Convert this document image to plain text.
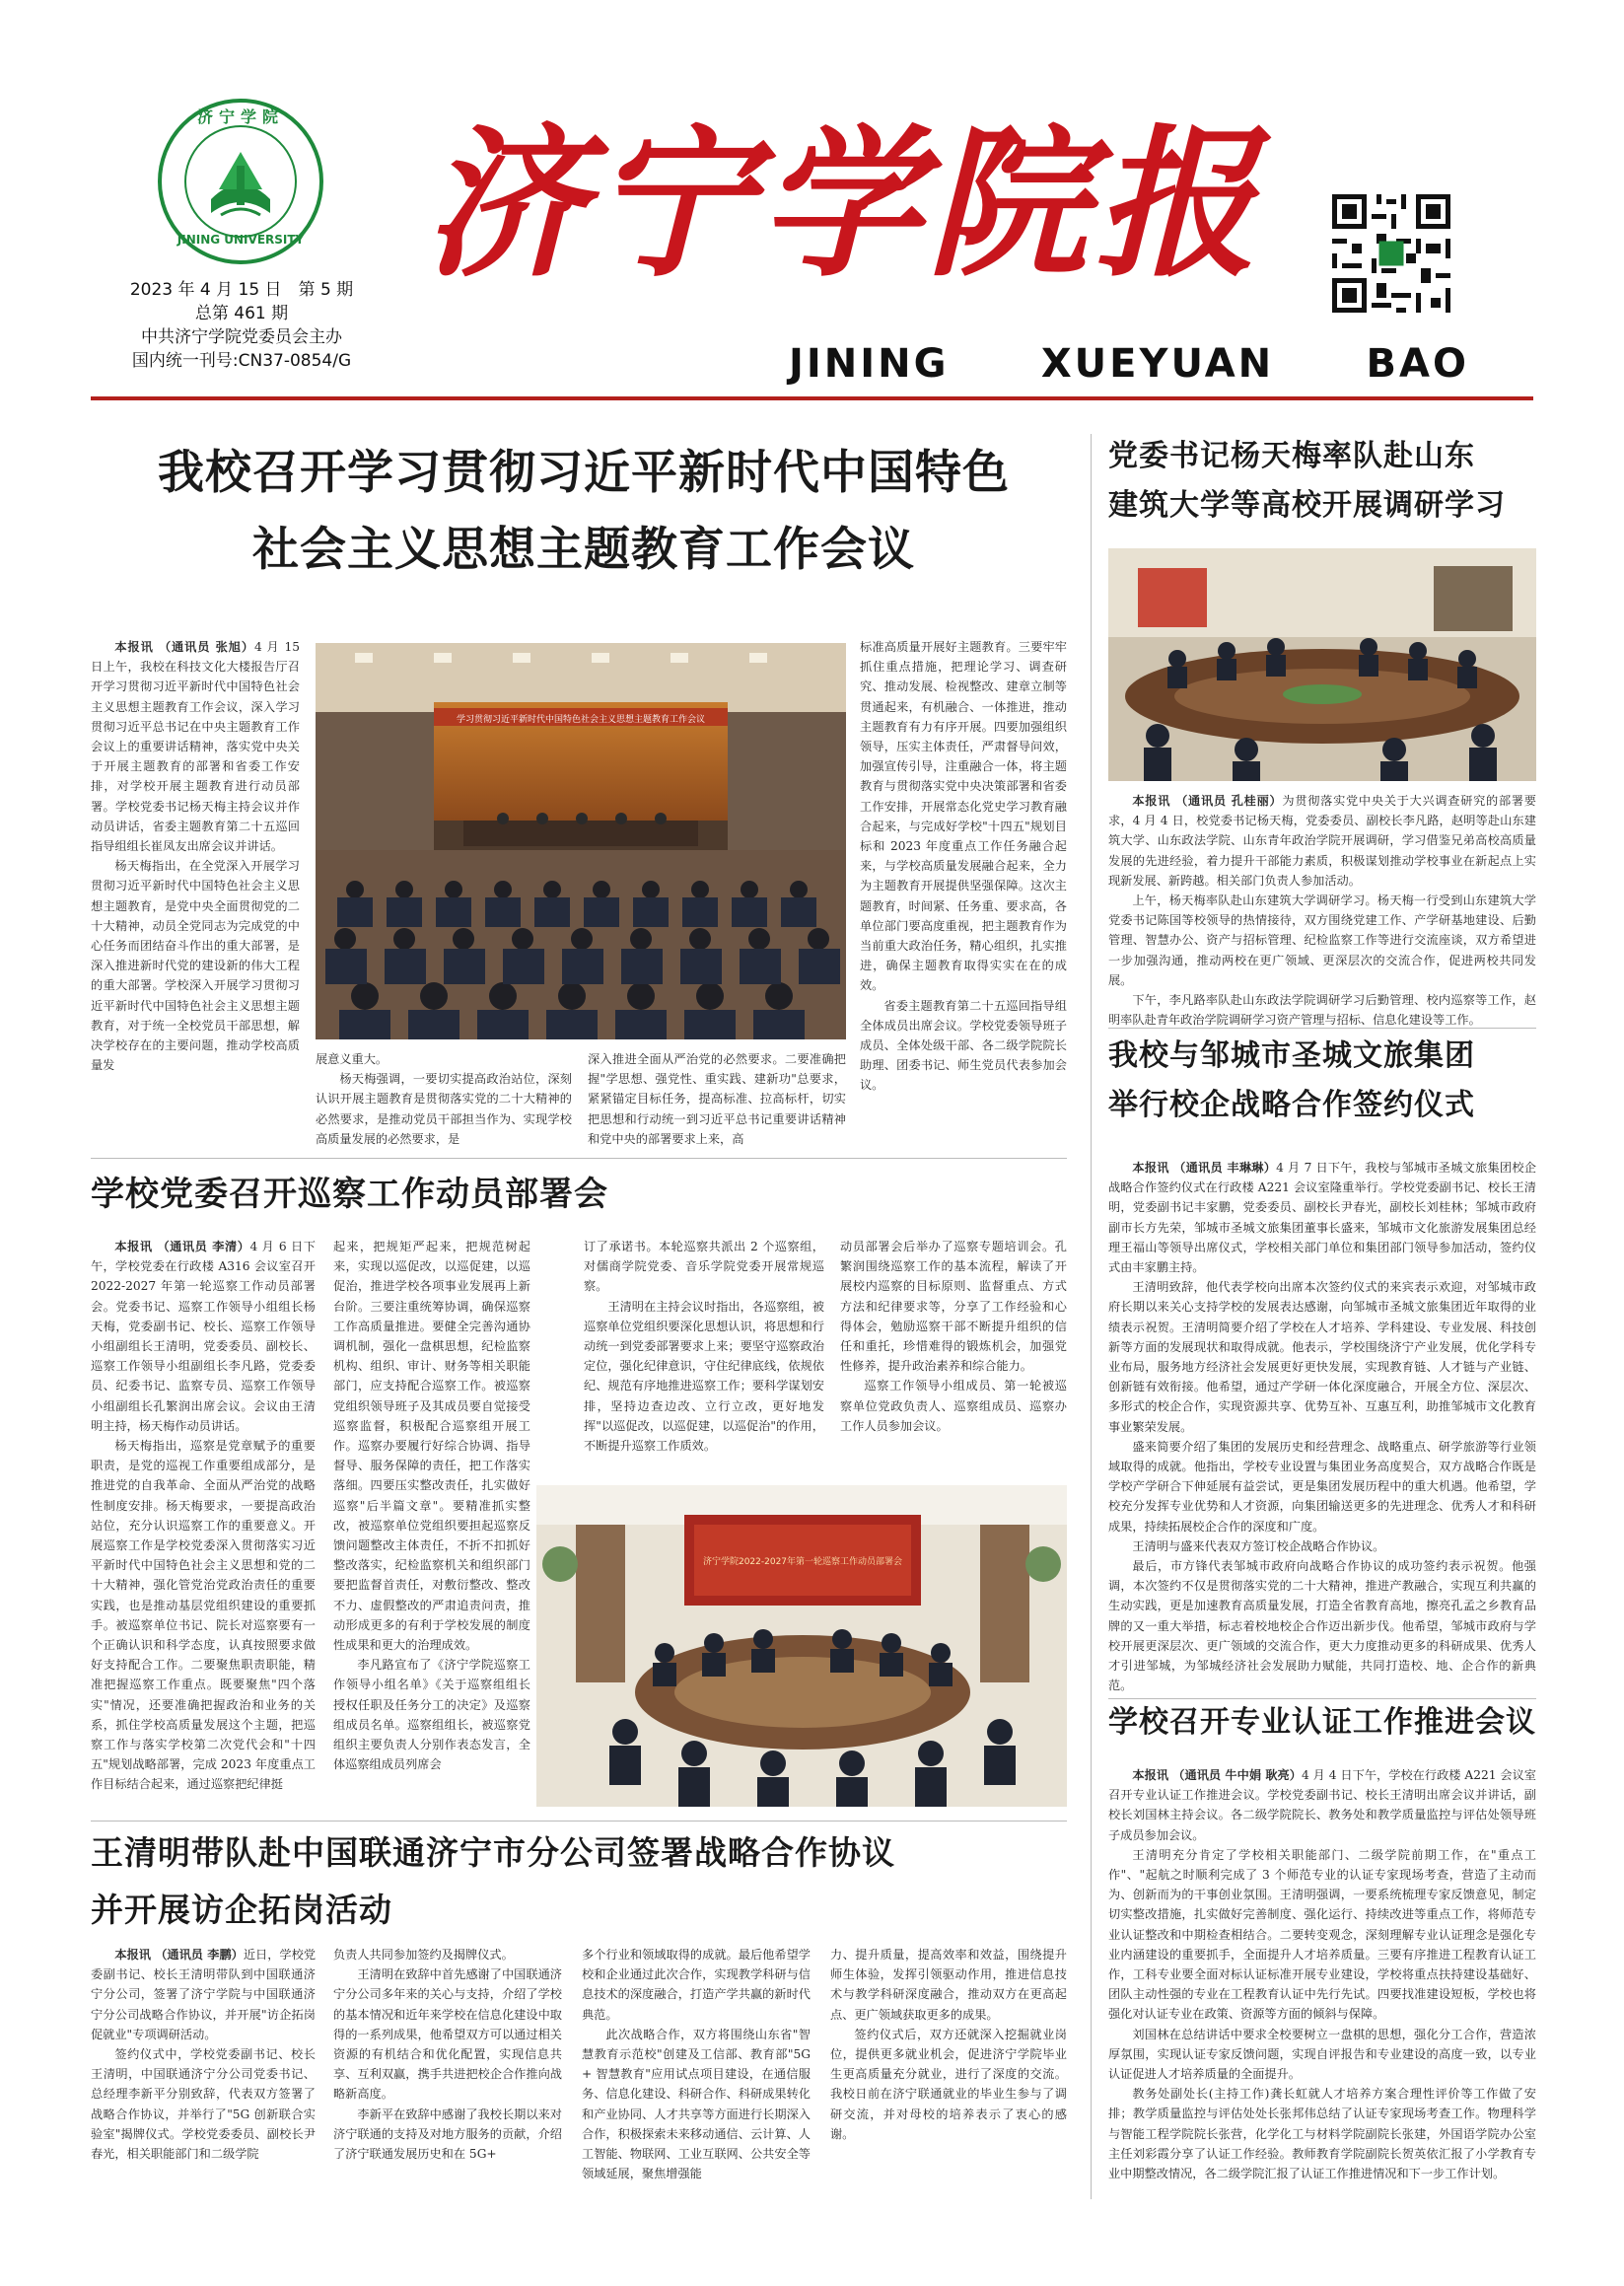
济宁学院
JINING UNIVERSITY
2023 年 4 月 15 日　第 5 期
总第 461 期
中共济宁学院党委员会主办
国内统一刊号:CN37-0854/G
济宁学院报
JINING XUEYUAN BAO
我校召开学习贯彻习近平新时代中国特色
社会主义思想主题教育工作会议

本报讯 （通讯员 张旭）4 月 15 日上午，我校在科技文化大楼报告厅召开学习贯彻习近平新时代中国特色社会主义思想主题教育工作会议，深入学习贯彻习近平总书记在中央主题教育工作会议上的重要讲话精神，落实党中央关于开展主题教育的部署和省委工作安排，对学校开展主题教育进行动员部署。学校党委书记杨天梅主持会议并作动员讲话，省委主题教育第二十五巡回指导组组长崔凤友出席会议并讲话。

杨天梅指出，在全党深入开展学习贯彻习近平新时代中国特色社会主义思想主题教育，是党中央全面贯彻党的二十大精神，动员全党同志为完成党的中心任务而团结奋斗作出的重大部署，是深入推进新时代党的建设新的伟大工程的重大部署。学校深入开展学习贯彻习近平新时代中国特色社会主义思想主题教育，对于统一全校党员干部思想，解决学校存在的主要问题，推动学校高质量发

学习贯彻习近平新时代中国特色社会主义思想主题教育工作会议

展意义重大。

杨天梅强调，一要切实提高政治站位，深刻认识开展主题教育是贯彻落实党的二十大精神的必然要求，是推动党员干部担当作为、实现学校高质量发展的必然要求，是

深入推进全面从严治党的必然要求。二要准确把握"学思想、强党性、重实践、建新功"总要求，紧紧锚定目标任务，提高标准、拉高标杆，切实把思想和行动统一到习近平总书记重要讲话精神和党中央的部署要求上来，高

标准高质量开展好主题教育。三要牢牢抓住重点措施，把理论学习、调查研究、推动发展、检视整改、建章立制等贯通起来，有机融合、一体推进，推动主题教育有力有序开展。四要加强组织领导，压实主体责任，严肃督导问效，加强宣传引导，注重融合一体，将主题教育与贯彻落实党中央决策部署和省委工作安排，开展常态化党史学习教育融合起来，与完成好学校"十四五"规划目标和 2023 年度重点工作任务融合起来，与学校高质量发展融合起来，全力为主题教育开展提供坚强保障。这次主题教育，时间紧、任务重、要求高，各单位部门要高度重视，把主题教育作为当前重大政治任务，精心组织，扎实推进，确保主题教育取得实实在在的成效。

省委主题教育第二十五巡回指导组全体成员出席会议。学校党委领导班子成员、全体处级干部、各二级学院院长助理、团委书记、师生党员代表参加会议。

学校党委召开巡察工作动员部署会

本报讯 （通讯员 李清）4 月 6 日下午，学校党委在行政楼 A316 会议室召开 2022-2027 年第一轮巡察工作动员部署会。党委书记、巡察工作领导小组组长杨天梅，党委副书记、校长、巡察工作领导小组副组长王清明，党委委员、副校长、巡察工作领导小组副组长李凡路，党委委员、纪委书记、监察专员、巡察工作领导小组副组长孔繁润出席会议。会议由王清明主持，杨天梅作动员讲话。

杨天梅指出，巡察是党章赋予的重要职责，是党的巡视工作重要组成部分，是推进党的自我革命、全面从严治党的战略性制度安排。杨天梅要求，一要提高政治站位，充分认识巡察工作的重要意义。开展巡察工作是学校党委深入贯彻落实习近平新时代中国特色社会主义思想和党的二十大精神，强化管党治党政治责任的重要实践，也是推动基层党组织建设的重要抓手。被巡察单位书记、院长对巡察要有一个正确认识和科学态度，认真按照要求做好支持配合工作。二要聚焦职责职能，精准把握巡察工作重点。既要聚焦"四个落实"情况，还要准确把握政治和业务的关系，抓住学校高质量发展这个主题，把巡察工作与落实学校第二次党代会和"十四五"规划战略部署，完成 2023 年度重点工作目标结合起来，通过巡察把纪律挺

起来，把规矩严起来，把规范树起来，实现以巡促改，以巡促建，以巡促治，推进学校各项事业发展再上新台阶。三要注重统筹协调，确保巡察工作高质量推进。要健全完善沟通协调机制，强化一盘棋思想，纪检监察机构、组织、审计、财务等相关职能部门，应支持配合巡察工作。被巡察党组织领导班子及其成员要自觉接受巡察监督，积极配合巡察组开展工作。巡察办要履行好综合协调、指导督导、服务保障的责任，把工作落实落细。四要压实整改责任，扎实做好巡察"后半篇文章"。要精准抓实整改，被巡察单位党组织要担起巡察反馈问题整改主体责任，不折不扣抓好整改落实，纪检监察机关和组织部门要把监督首责任，对敷衍整改、整改不力、虚假整改的严肃追责问责，推动形成更多的有利于学校发展的制度性成果和更大的治理成效。

李凡路宣布了《济宁学院巡察工作领导小组名单》《关于巡察组组长授权任职及任务分工的决定》及巡察组成员名单。巡察组组长，被巡察党组织主要负责人分别作表态发言，全体巡察组成员列席会

订了承诺书。本轮巡察共派出 2 个巡察组，对儒商学院党委、音乐学院党委开展常规巡察。

王清明在主持会议时指出，各巡察组，被巡察单位党组织要深化思想认识，将思想和行动统一到党委部署要求上来；要坚守巡察政治定位，强化纪律意识，守住纪律底线，依规依纪、规范有序地推进巡察工作；要科学谋划安排，坚持边查边改、立行立改，更好地发挥"以巡促改，以巡促建，以巡促治"的作用，不断提升巡察工作质效。

动员部署会后举办了巡察专题培训会。孔繁润围绕巡察工作的基本流程，解读了开展校内巡察的目标原则、监督重点、方式方法和纪律要求等，分享了工作经验和心得体会，勉励巡察干部不断提升组织的信任和重托，珍惜难得的锻炼机会，加强党性修养，提升政治素养和综合能力。

巡察工作领导小组成员、第一轮被巡察单位党政负责人、巡察组成员、巡察办工作人员参加会议。

济宁学院2022-2027年第一轮巡察工作动员部署会
王清明带队赴中国联通济宁市分公司签署战略合作协议
并开展访企拓岗活动

本报讯 （通讯员 李鹏）近日，学校党委副书记、校长王清明带队到中国联通济宁分公司，签署了济宁学院与中国联通济宁分公司战略合作协议，并开展"访企拓岗促就业"专项调研活动。

签约仪式中，学校党委副书记、校长王清明，中国联通济宁分公司党委书记、总经理李新平分别致辞，代表双方签署了战略合作协议，并举行了"5G 创新联合实验室"揭牌仪式。学校党委委员、副校长尹春光，相关职能部门和二级学院

负责人共同参加签约及揭牌仪式。

王清明在致辞中首先感谢了中国联通济宁分公司多年来的关心与支持，介绍了学校的基本情况和近年来学校在信息化建设中取得的一系列成果，他希望双方可以通过相关资源的有机结合和优化配置，实现信息共享、互利双赢，携手共进把校企合作推向战略新高度。

李新平在致辞中感谢了我校长期以来对济宁联通的支持及对地方服务的贡献，介绍了济宁联通发展历史和在 5G+

多个行业和领域取得的成就。最后他希望学校和企业通过此次合作，实现教学科研与信息技术的深度融合，打造产学共赢的新时代典范。

此次战略合作，双方将围绕山东省"智慧教育示范校"创建及工信部、教育部"5G+ 智慧教育"应用试点项目建设，在通信服务、信息化建设、科研合作、科研成果转化和产业协同、人才共享等方面进行长期深入合作，积极探索未来移动通信、云计算、人工智能、物联网、工业互联网、公共安全等领域延展，聚焦增强能

力、提升质量，提高效率和效益，围绕提升师生体验，发挥引领驱动作用，推进信息技术与教学科研深度融合，推动双方在更高起点、更广领域获取更多的成果。

签约仪式后，双方还就深入挖掘就业岗位，提供更多就业机会，促进济宁学院毕业生更高质量充分就业，进行了深度的交流。我校日前在济宁联通就业的毕业生参与了调研交流，并对母校的培养表示了衷心的感谢。

党委书记杨天梅率队赴山东
建筑大学等高校开展调研学习

本报讯 （通讯员 孔桂丽）为贯彻落实党中央关于大兴调查研究的部署要求，4 月 4 日，校党委书记杨天梅，党委委员、副校长李凡路，赵明等赴山东建筑大学、山东政法学院、山东青年政治学院开展调研，学习借鉴兄弟高校高质量发展的先进经验，着力提升干部能力素质，积极谋划推动学校事业在新起点上实现新发展、新跨越。相关部门负责人参加活动。

上午，杨天梅率队赴山东建筑大学调研学习。杨天梅一行受到山东建筑大学党委书记陈国等校领导的热情接待，双方围绕党建工作、产学研基地建设、后勤管理、智慧办公、资产与招标管理、纪检监察工作等进行交流座谈，双方希望进一步加强沟通，推动两校在更广领域、更深层次的交流合作，促进两校共同发展。

下午，李凡路率队赴山东政法学院调研学习后勤管理、校内巡察等工作，赵明率队赴青年政治学院调研学习资产管理与招标、信息化建设等工作。

我校与邹城市圣城文旅集团
举行校企战略合作签约仪式

本报讯 （通讯员 丰琳琳）4 月 7 日下午，我校与邹城市圣城文旅集团校企战略合作签约仪式在行政楼 A221 会议室隆重举行。学校党委副书记、校长王清明，党委副书记丰家鹏，党委委员、副校长尹春光，副校长刘桂林；邹城市政府副市长方先荣，邹城市圣城文旅集团董事长盛来，邹城市文化旅游发展集团总经理王福山等领导出席仪式，学校相关部门单位和集团部门领导参加活动，签约仪式由丰家鹏主持。

王清明致辞，他代表学校向出席本次签约仪式的来宾表示欢迎，对邹城市政府长期以来关心支持学校的发展表达感谢，向邹城市圣城文旅集团近年取得的业绩表示祝贺。王清明简要介绍了学校在人才培养、学科建设、专业发展、科技创新等方面的发展现状和取得成就。他表示，学校围绕济宁产业发展，优化学科专业布局，服务地方经济社会发展更好更快发展，实现教育链、人才链与产业链、创新链有效衔接。他希望，通过产学研一体化深度融合，开展全方位、深层次、多形式的校企合作，实现资源共享、优势互补、互惠互利，助推邹城市文化教育事业繁荣发展。

盛来简要介绍了集团的发展历史和经营理念、战略重点、研学旅游等行业领域取得的成就。他指出，学校专业设置与集团业务高度契合，双方战略合作既是学校产学研合下伸延展有益尝试，更是集团发展历程中的重大机遇。他希望，学校充分发挥专业优势和人才资源，向集团输送更多的先进理念、优秀人才和科研成果，持续拓展校企合作的深度和广度。

王清明与盛来代表双方签订校企战略合作协议。

最后，市方锋代表邹城市政府向战略合作协议的成功签约表示祝贺。他强调，本次签约不仅是贯彻落实党的二十大精神，推进产教融合，实现互利共赢的生动实践，更是加速教育高质量发展，打造全省教育高地，擦亮孔孟之乡教育品牌的又一重大举措，标志着校地校企合作迈出新步伐。他希望，邹城市政府与学校开展更深层次、更广领域的交流合作，更大力度推动更多的科研成果、优秀人才引进邹城，为邹城经济社会发展助力赋能，共同打造校、地、企合作的新典范。

学校召开专业认证工作推进会议

本报讯 （通讯员 牛中娟 耿亮）4 月 4 日下午，学校在行政楼 A221 会议室召开专业认证工作推进会议。学校党委副书记、校长王清明出席会议并讲话，副校长刘国林主持会议。各二级学院院长、教务处和教学质量监控与评估处领导班子成员参加会议。

王清明充分肯定了学校相关职能部门、二级学院前期工作，在"重点工作"、"起航之时顺利完成了 3 个师范专业的认证专家现场考查，营造了主动而为、创新而为的干事创业氛围。王清明强调，一要系统梳理专家反馈意见，制定切实整改措施，扎实做好完善制度、强化运行、持续改进等重点工作，将师范专业认证整改和中期检查相结合。二要转变观念，深刻理解专业认证理念是强化专业内涵建设的重要抓手，全面提升人才培养质量。三要有序推进工程教育认证工作，工科专业要全面对标认证标准开展专业建设，学校将重点扶持建设基础好、团队主动性强的专业在工程教育认证中先行先试。四要找准建设短板，学校也将强化对认证专业在政策、资源等方面的倾斜与保障。

刘国林在总结讲话中要求全校要树立一盘棋的思想，强化分工合作，营造浓厚氛围，实现认证专家反馈问题，实现自评报告和专业建设的高度一致，以专业认证促进人才培养质量的全面提升。

教务处副处长(主持工作)龚长虹就人才培养方案合理性评价等工作做了安排；教学质量监控与评估处处长张邦伟总结了认证专家现场考查工作。物理科学与智能工程学院院长张营，化学化工与材料学院副院长张建，外国语学院办公室主任刘彩霞分享了认证工作经验。教师教育学院副院长贺英依汇报了小学教育专业中期整改情况，各二级学院汇报了认证工作推进情况和下一步工作计划。
